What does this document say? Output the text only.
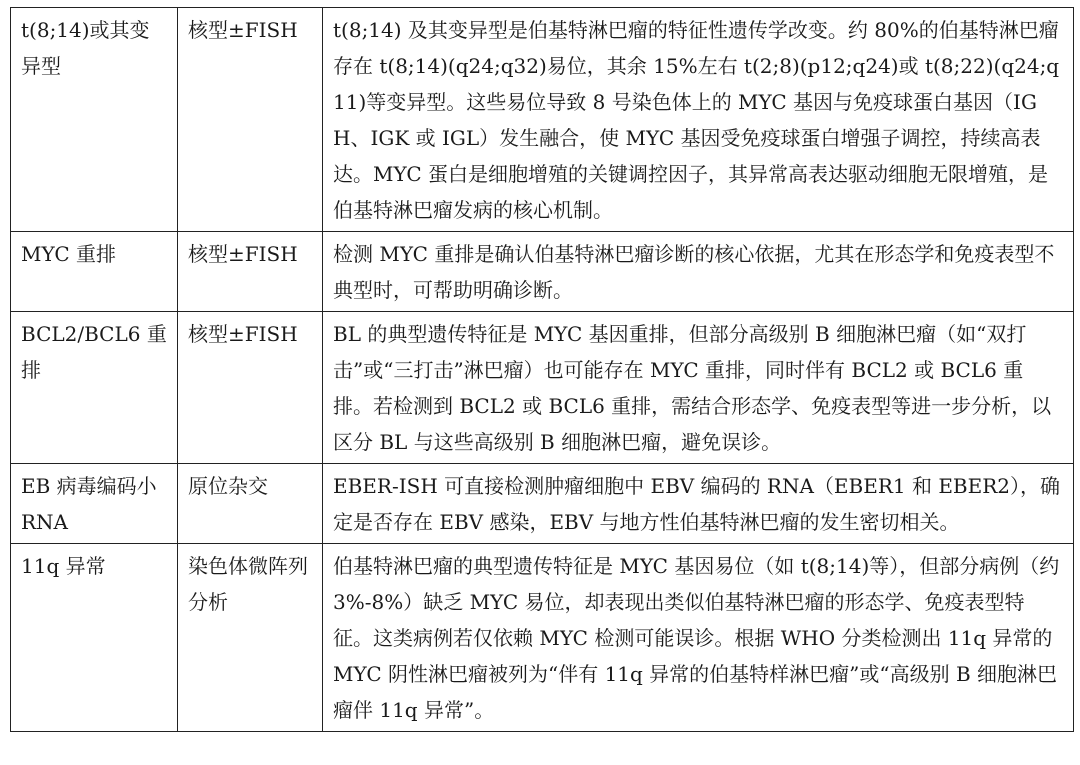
t(8;14)或其变异型	核型±FISH	t(8;14) 及其变异型是伯基特淋巴瘤的特征性遗传学改变。约 80%的伯基特淋巴瘤存在 t(8;14)(q24;q32)易位，其余 15%左右 t(2;8)(p12;q24)或 t(8;22)(q24;q11)等变异型。这些易位导致 8 号染色体上的 MYC 基因与免疫球蛋白基因（IGH、IGK 或 IGL）发生融合，使 MYC 基因受免疫球蛋白增强子调控，持续高表达。MYC 蛋白是细胞增殖的关键调控因子，其异常高表达驱动细胞无限增殖，是伯基特淋巴瘤发病的核心机制。
MYC 重排	核型±FISH	检测 MYC 重排是确认伯基特淋巴瘤诊断的核心依据，尤其在形态学和免疫表型不典型时，可帮助明确诊断。
BCL2/BCL6 重排	核型±FISH	BL 的典型遗传特征是 MYC 基因重排，但部分高级别 B 细胞淋巴瘤（如“双打击”或“三打击”淋巴瘤）也可能存在 MYC 重排，同时伴有 BCL2 或 BCL6 重排。若检测到 BCL2 或 BCL6 重排，需结合形态学、免疫表型等进一步分析，以区分 BL 与这些高级别 B 细胞淋巴瘤，避免误诊。
EB 病毒编码小 RNA	原位杂交	EBER-ISH 可直接检测肿瘤细胞中 EBV 编码的 RNA（EBER1 和 EBER2），确定是否存在 EBV 感染，EBV 与地方性伯基特淋巴瘤的发生密切相关。
11q 异常	染色体微阵列分析	伯基特淋巴瘤的典型遗传特征是 MYC 基因易位（如 t(8;14)等），但部分病例（约 3%-8%）缺乏 MYC 易位，却表现出类似伯基特淋巴瘤的形态学、免疫表型特征。这类病例若仅依赖 MYC 检测可能误诊。根据 WHO 分类检测出 11q 异常的 MYC 阴性淋巴瘤被列为“伴有 11q 异常的伯基特样淋巴瘤”或“高级别 B 细胞淋巴瘤伴 11q 异常”。
